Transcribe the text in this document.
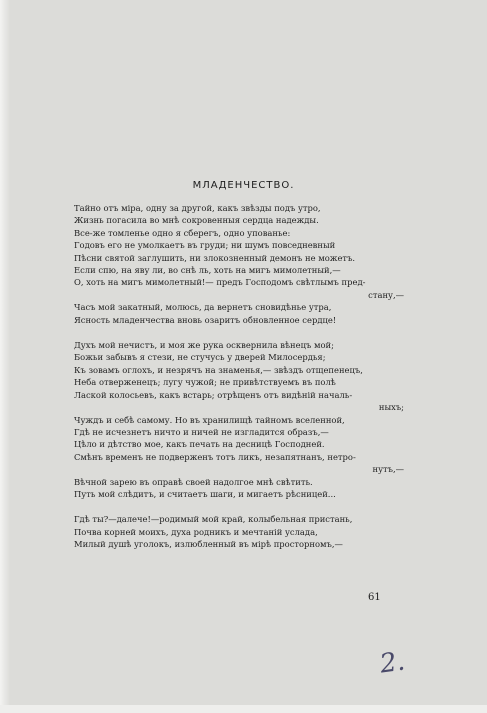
МЛАДЕНЧЕСТВО.
Тайно отъ міра, одну за другой, какъ звѣзды подъ утро,
Жизнь погасила во мнѣ сокровенныя сердца надежды.
Все-же томленье одно я сберегъ, одно упованье:
Годовъ его не умолкаетъ въ груди; ни шумъ повседневный
Пѣсни святой заглушить, ни злокозненный демонъ не можетъ.
Если спю, на яву ли, во снѣ ль, хоть на мигъ мимолетный,—
О, хоть на мигъ мимолетный!— предъ Господомъ свѣтлымъ пред-
стану,—
Часъ мой закатный, молюсь, да вернетъ сновидѣнье утра,
Ясность младенчества вновь озаритъ обновленное сердце!
Духъ мой нечистъ, и моя же рука осквернила вѣнецъ мой;
Божьи забывъ я стези, не стучусь у дверей Милосердья;
Къ зовамъ оглохъ, и незрячъ на знаменья,— звѣздъ отщепенецъ,
Неба отверженецъ; лугу чужой; не привѣтствуемъ въ полѣ
Лаской колосьевъ, какъ встарь; отрѣщенъ отъ видѣній началь-
ныхъ;
Чуждъ и себѣ самому. Но въ хранилищѣ тайномъ вселенной,
Гдѣ не исчезнетъ ничто и ничей не изгладится образъ,—
Цѣло и дѣтство мое, какъ печать на десницѣ Господней.
Смѣнъ временъ не подверженъ тотъ ликъ, незапятнанъ, нетро-
нутъ,—
Вѣчной зарею въ оправѣ своей надолгое мнѣ свѣтить.
Путь мой слѣдитъ, и считаетъ шаги, и мигаетъ рѣсницей...
Гдѣ ты?—далече!—родимый мой край, колыбельная пристань,
Почва корней моихъ, духа родникъ и мечтаній услада,
Милый душѣ уголокъ, излюбленный въ мірѣ просторномъ,—
61
2.
